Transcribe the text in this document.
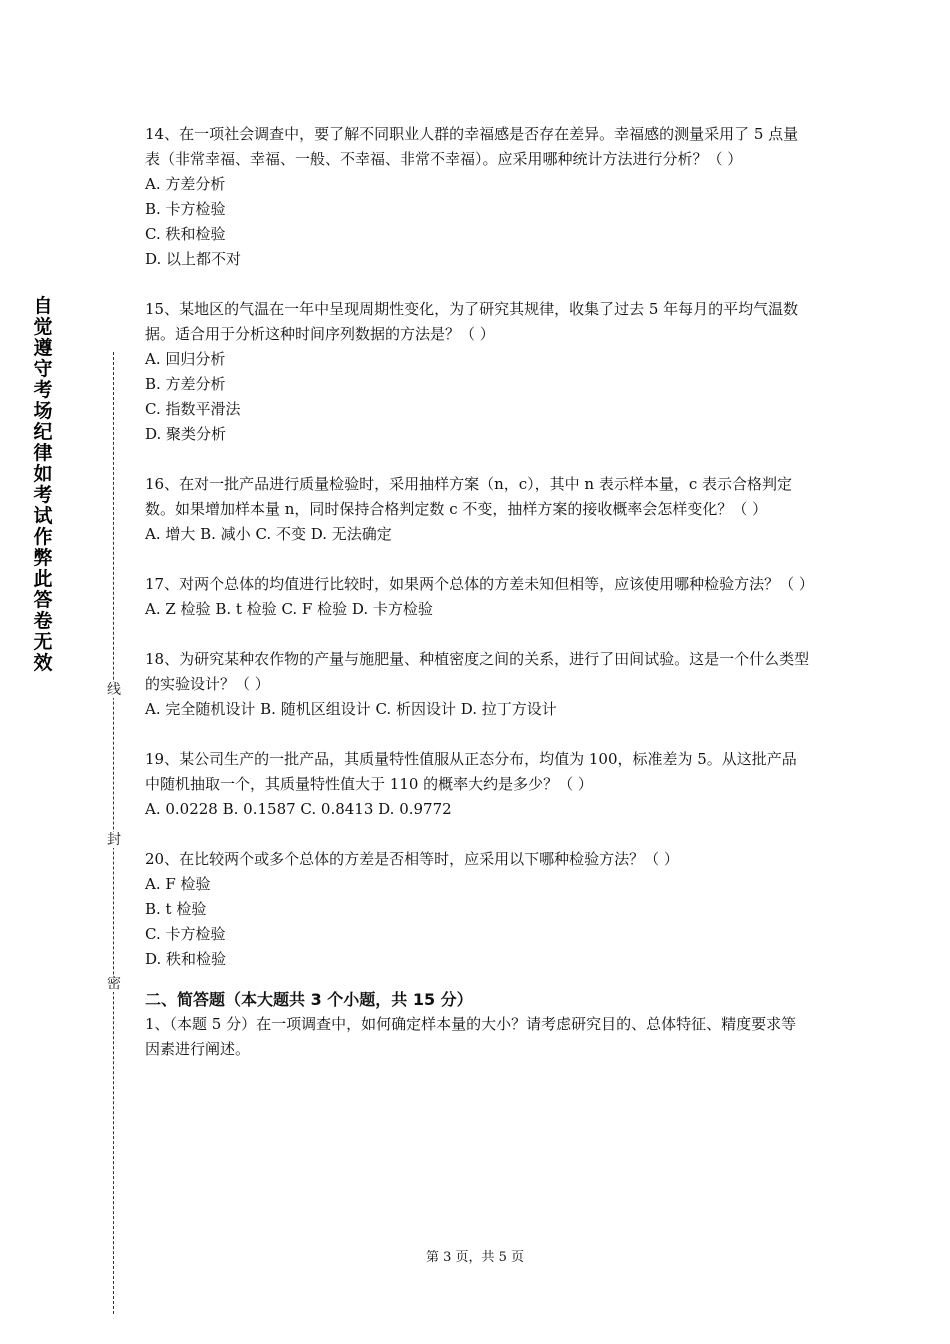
自
觉
遵
守
考
场
纪
律
如
考
试
作
弊
此
答
卷
无
效
线
封
密

14、在一项社会调查中，要了解不同职业人群的幸福感是否存在差异。幸福感的测量采用了 5 点量表（非常幸福、幸福、一般、不幸福、非常不幸福）。应采用哪种统计方法进行分析？（ ）

A. 方差分析

B. 卡方检验

C. 秩和检验

D. 以上都不对

15、某地区的气温在一年中呈现周期性变化，为了研究其规律，收集了过去 5 年每月的平均气温数据。适合用于分析这种时间序列数据的方法是？（ ）

A. 回归分析

B. 方差分析

C. 指数平滑法

D. 聚类分析

16、在对一批产品进行质量检验时，采用抽样方案（n，c），其中 n 表示样本量，c 表示合格判定数。如果增加样本量 n，同时保持合格判定数 c 不变，抽样方案的接收概率会怎样变化？（ ）

A. 增大 B. 减小 C. 不变 D. 无法确定

17、对两个总体的均值进行比较时，如果两个总体的方差未知但相等，应该使用哪种检验方法？（ ）

A. Z 检验 B. t 检验 C. F 检验 D. 卡方检验

18、为研究某种农作物的产量与施肥量、种植密度之间的关系，进行了田间试验。这是一个什么类型的实验设计？（ ）

A. 完全随机设计 B. 随机区组设计 C. 析因设计 D. 拉丁方设计

19、某公司生产的一批产品，其质量特性值服从正态分布，均值为 100，标准差为 5。从这批产品中随机抽取一个，其质量特性值大于 110 的概率大约是多少？（ ）

A. 0.0228 B. 0.1587 C. 0.8413 D. 0.9772

20、在比较两个或多个总体的方差是否相等时，应采用以下哪种检验方法？（ ）

A. F 检验

B. t 检验

C. 卡方检验

D. 秩和检验

二、简答题（本大题共 3 个小题，共 15 分）

1、（本题 5 分）在一项调查中，如何确定样本量的大小？请考虑研究目的、总体特征、精度要求等因素进行阐述。

第 3 页，共 5 页
